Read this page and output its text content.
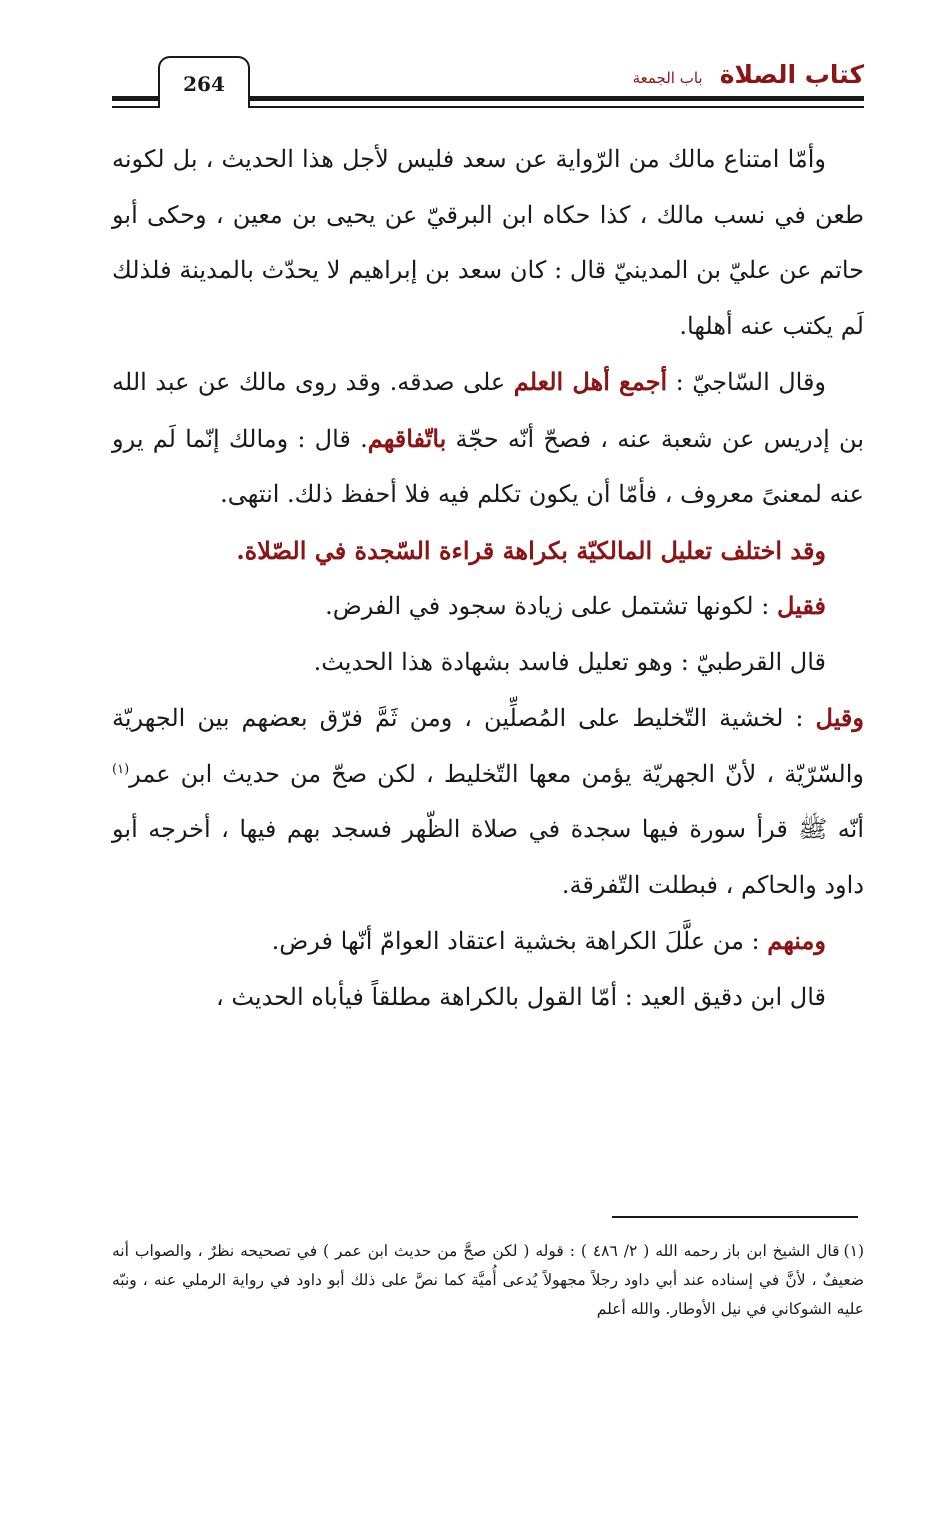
264	كتاب الصلاة باب الجمعة

وأمّا امتناع مالك من الرّواية عن سعد فليس لأجل هذا الحديث ، بل لكونه طعن في نسب مالك ، كذا حكاه ابن البرقيّ عن يحيى بن معين ، وحكى أبو حاتم عن عليّ بن المدينيّ قال : كان سعد بن إبراهيم لا يحدّث بالمدينة فلذلك لَم يكتب عنه أهلها.

وقال السّاجيّ : أجمع أهل العلم على صدقه. وقد روى مالك عن عبد الله بن إدريس عن شعبة عنه ، فصحّ أنّه حجّة باتّفاقهم. قال : ومالك إنّما لَم يرو عنه لمعنىً معروف ، فأمّا أن يكون تكلم فيه فلا أحفظ ذلك. انتهى.

وقد اختلف تعليل المالكيّة بكراهة قراءة السّجدة في الصّلاة.

فقيل : لكونها تشتمل على زيادة سجود في الفرض.

قال القرطبيّ : وهو تعليل فاسد بشهادة هذا الحديث.

وقيل : لخشية التّخليط على المُصلِّين ، ومن ثَمَّ فرّق بعضهم بين الجهريّة والسّرّيّة ، لأنّ الجهريّة يؤمن معها التّخليط ، لكن صحّ من حديث ابن عمر$^{(١)}$ أنّه ﷺ قرأ سورة فيها سجدة في صلاة الظّهر فسجد بهم فيها ، أخرجه أبو داود والحاكم ، فبطلت التّفرقة.

ومنهم : من علَّلَ الكراهة بخشية اعتقاد العوامّ أنّها فرض.

قال ابن دقيق العيد : أمّا القول بالكراهة مطلقاً فيأباه الحديث ،

(١)قال الشيخ ابن باز رحمه الله ( ٢/ ٤٨٦ ) : قوله ( لكن صحَّ من حديث ابن عمر ) في تصحيحه نظرٌ ، والصواب أنه ضعيفٌ ، لأنَّ في إسناده عند أبي داود رجلاً مجهولاً يُدعى أُميَّة كما نصَّ على ذلك أبو داود في رواية الرملي عنه ، ونبّه عليه الشوكاني في نيل الأوطار. والله أعلم
